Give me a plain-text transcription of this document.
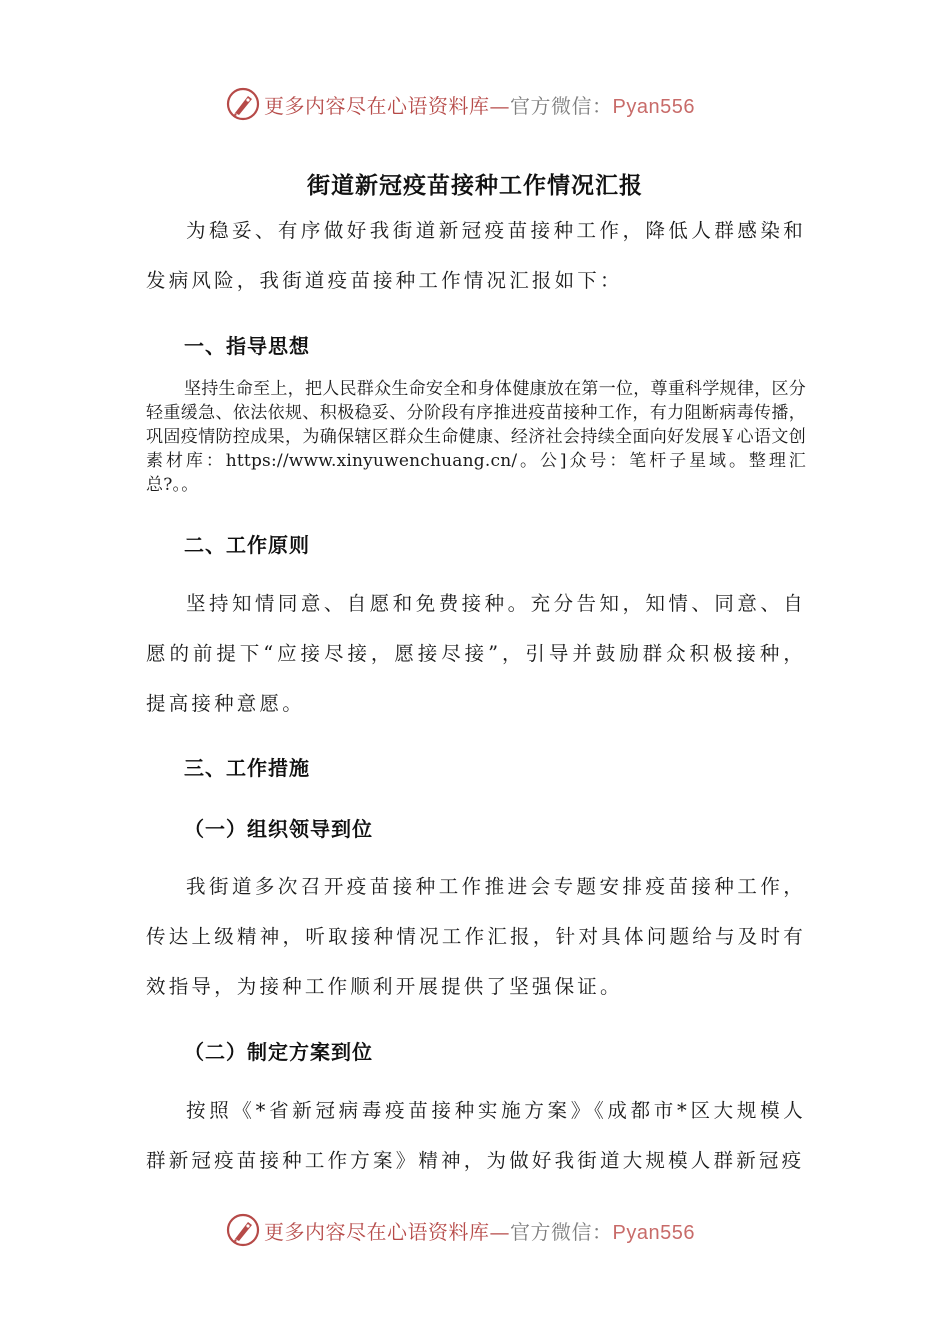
更多内容尽在心语资料库—官方微信：Pyan556
街道新冠疫苗接种工作情况汇报

为稳妥、有序做好我街道新冠疫苗接种工作，降低人群感染和发病风险，我街道疫苗接种工作情况汇报如下：

一、指导思想

坚持生命至上，把人民群众生命安全和身体健康放在第一位，尊重科学规律，区分轻重缓急、依法依规、积极稳妥、分阶段有序推进疫苗接种工作，有力阻断病毒传播，巩固疫情防控成果，为确保辖区群众生命健康、经济社会持续全面向好发展￥心语文创素材库：https://www.xinyuwenchuang.cn/。公]众号：笔杆子星域。整理汇总?。。

二、工作原则

坚持知情同意、自愿和免费接种。充分告知，知情、同意、自愿的前提下“应接尽接，愿接尽接”，引导并鼓励群众积极接种，提高接种意愿。

三、工作措施
（一）组织领导到位

我街道多次召开疫苗接种工作推进会专题安排疫苗接种工作，传达上级精神，听取接种情况工作汇报，针对具体问题给与及时有效指导，为接种工作顺利开展提供了坚强保证。

（二）制定方案到位

按照《*省新冠病毒疫苗接种实施方案》《成都市*区大规模人群新冠疫苗接种工作方案》精神，为做好我街道大规模人群新冠疫

更多内容尽在心语资料库—官方微信：Pyan556
